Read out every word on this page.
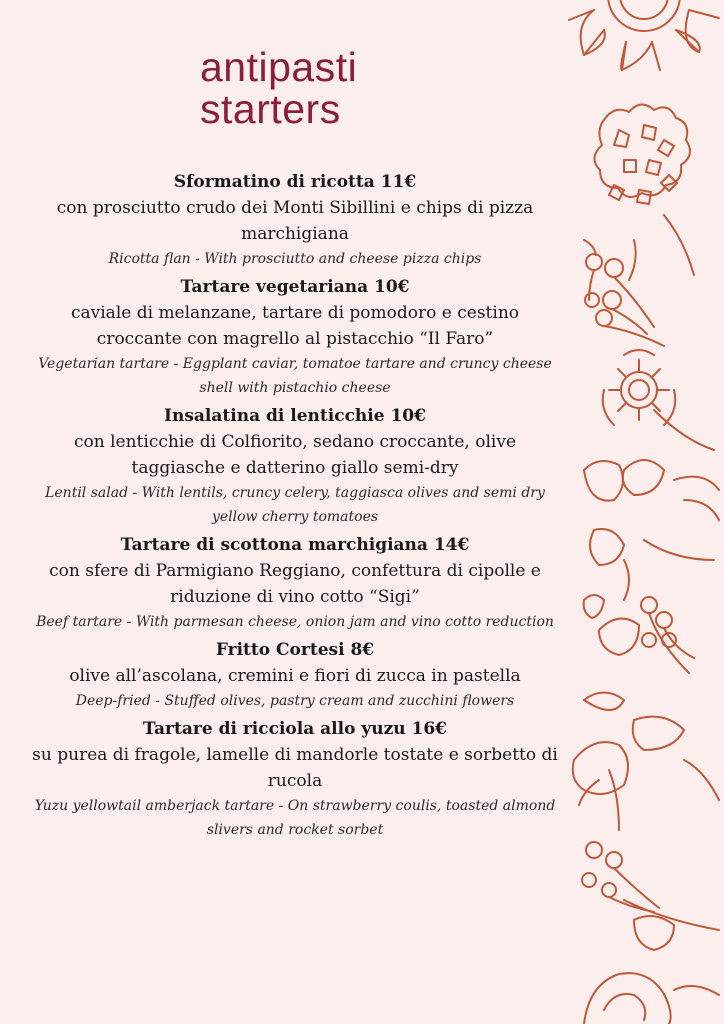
antipasti
starters
Sformatino di ricotta 11€
con prosciutto crudo dei Monti Sibillini e chips di pizza marchigiana
Ricotta flan - With prosciutto and cheese pizza chips
Tartare vegetariana 10€
caviale di melanzane, tartare di pomodoro e cestino croccante con magrello al pistacchio “Il Faro”
Vegetarian tartare - Eggplant caviar, tomatoe tartare and cruncy cheese shell with pistachio cheese
Insalatina di lenticchie 10€
con lenticchie di Colfiorito, sedano croccante, olive taggiasche e datterino giallo semi-dry
Lentil salad - With lentils, cruncy celery, taggiasca olives and semi dry yellow cherry tomatoes
Tartare di scottona marchigiana 14€
con sfere di Parmigiano Reggiano, confettura di cipolle e riduzione di vino cotto “Sigi”
Beef tartare - With parmesan cheese, onion jam and vino cotto reduction
Fritto Cortesi 8€
olive all’ascolana, cremini e fiori di zucca in pastella
Deep-fried - Stuffed olives, pastry cream and zucchini flowers
Tartare di ricciola allo yuzu 16€
su purea di fragole, lamelle di mandorle tostate e sorbetto di rucola
Yuzu yellowtail amberjack tartare - On strawberry coulis, toasted almond slivers and rocket sorbet
